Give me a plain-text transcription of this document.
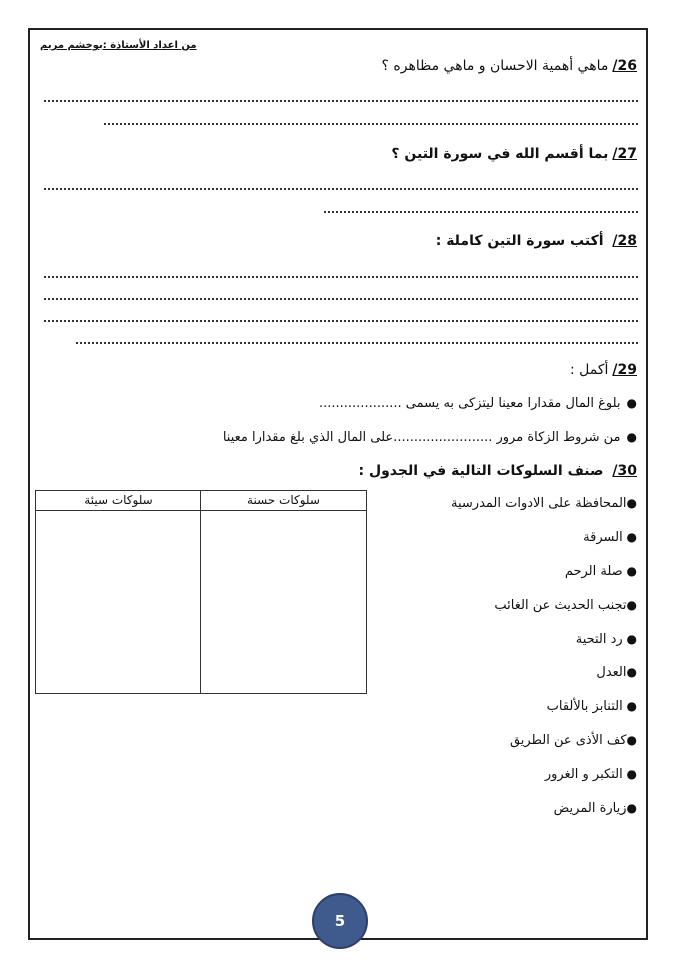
من اعداد الأستاذة :بوخشم مريم
26/ماهي أهمية الاحسان و ماهي مظاهره ؟
27/بما أقسم الله في سورة التين ؟
28/ أكتب سورة التين كاملة :
29/أكمل :
●بلوغ المال مقدارا معينا ليتزكى به يسمى ....................
●من شروط الزكاة مرور ........................على المال الذي بلغ مقدارا معينا
30/ صنف السلوكات التالية في الجدول :
سلوكات حسنة
سلوكات سيئة	●المحافظة على الادوات المدرسية
● السرقة
● صلة الرحم
●تجنب الحديث عن الغائب
● رد التحية
●العدل
● التنابز بالألقاب
●كف الأذى عن الطريق
● التكبر و الغرور
●زيارة المريض
5
